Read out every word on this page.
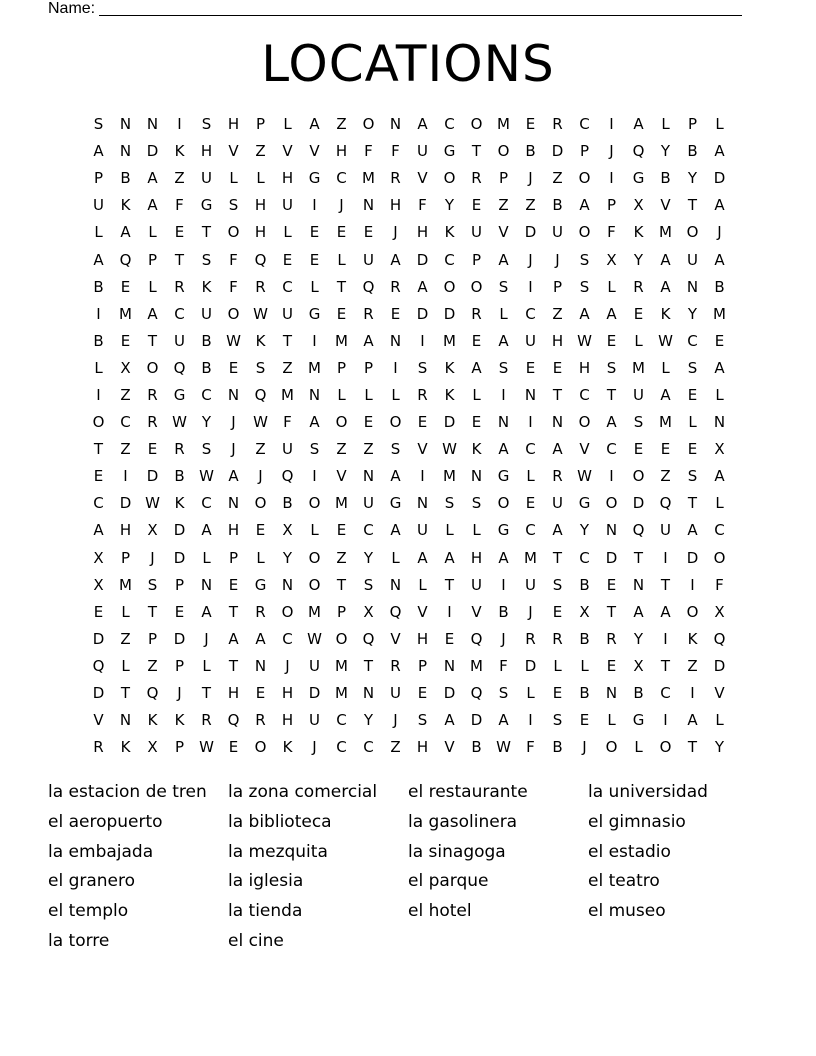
Name:
LOCATIONS
S	N	N	I	S	H	P	L	A	Z	O	N	A	C	O M	E	R	C	I	A	L	P	L
A	N	D	K	H	V	Z	V	V	H	F	F	U	G	T	O	B	D	P	J	Q	Y	B	A
P	B	A	Z	U	L	L	H	G	C	M	R	V	O	R	P	J	Z	O	I	G	B	Y	D
U	K	A	F	G	S	H	U	I	J	N	H	F	Y	E	Z	Z	B	A	P	X	V	T	A
L	A	L	E	T	O	H	L	E	E	E	J	H	K	U	V	D	U	O	F	K	M O	J
A	Q	P	T	S	F	Q	E	E	L	U	A	D	C	P	A	J	J	S	X	Y	A	U	A
B	E	L	R	K	F	R	C	L	T	Q	R	A	O	O	S	I	P	S	L	R	A	N	B
I	M	A	C	U	O W U	G	E	R	E	D	D	R	L	C	Z	A	A	E	K	Y	M
B	E	T	U	B W K	T	I	M	A	N	I	M	E	A	U	H W E	L	W C	E
L	X	O	Q	B	E	S	Z	M	P	P	I	S	K	A	S	E	E	H	S	M	L	S	A
I	Z	R	G	C	N	Q M N	L	L	L	R	K	L	I	N	T	C	T	U	A	E	L
O	C	R W Y	J	W	F	A	O	E	O	E	D	E	N	I	N	O	A	S	M	L	N
T	Z	E	R	S	J	Z	U	S	Z	Z	S	V W K	A	C	A	V	C	E	E	E	X
E	I	D	B W A	J	Q	I	V	N	A	I	M N	G	L	R W	I	O	Z	S	A
C	D W K	C	N	O	B	O M	U	G	N	S	S	O	E	U	G	O	D	Q	T	L
A	H	X	D	A	H	E	X	L	E	C	A	U	L	L	G	C	A	Y	N	Q	U	A	C
X	P	J	D	L	P	L	Y	O	Z	Y	L	A	A	H	A	M	T	C	D	T	I	D	O
X	M	S	P	N	E	G	N	O	T	S	N	L	T	U	I	U	S	B	E	N	T	I	F
E	L	T	E	A	T	R	O M	P	X	Q	V	I	V	B	J	E	X	T	A	A	O	X
D	Z	P	D	J	A	A	C W O	Q	V	H	E	Q	J	R	R	B	R	Y	I	K	Q
Q	L	Z	P	L	T	N	J	U	M	T	R	P	N M	F	D	L	L	E	X	T	Z	D
D	T	Q	J	T	H	E	H	D M N	U	E	D	Q	S	L	E	B	N	B	C	I	V
V	N	K	K	R	Q	R	H	U	C	Y	J	S	A	D	A	I	S	E	L	G	I	A	L
R	K	X	P	W E	O	K	J	C	C	Z	H	V	B W	F	B	J	O	L	O	T	Y
la estacion de tren	la zona comercial	el restaurante	la universidad
el aeropuerto	la biblioteca	la gasolinera	el gimnasio
la embajada	la mezquita	la sinagoga	el estadio
el granero	la iglesia	el parque	el teatro
el templo	la tienda	el hotel	el museo
la torre	el cine
